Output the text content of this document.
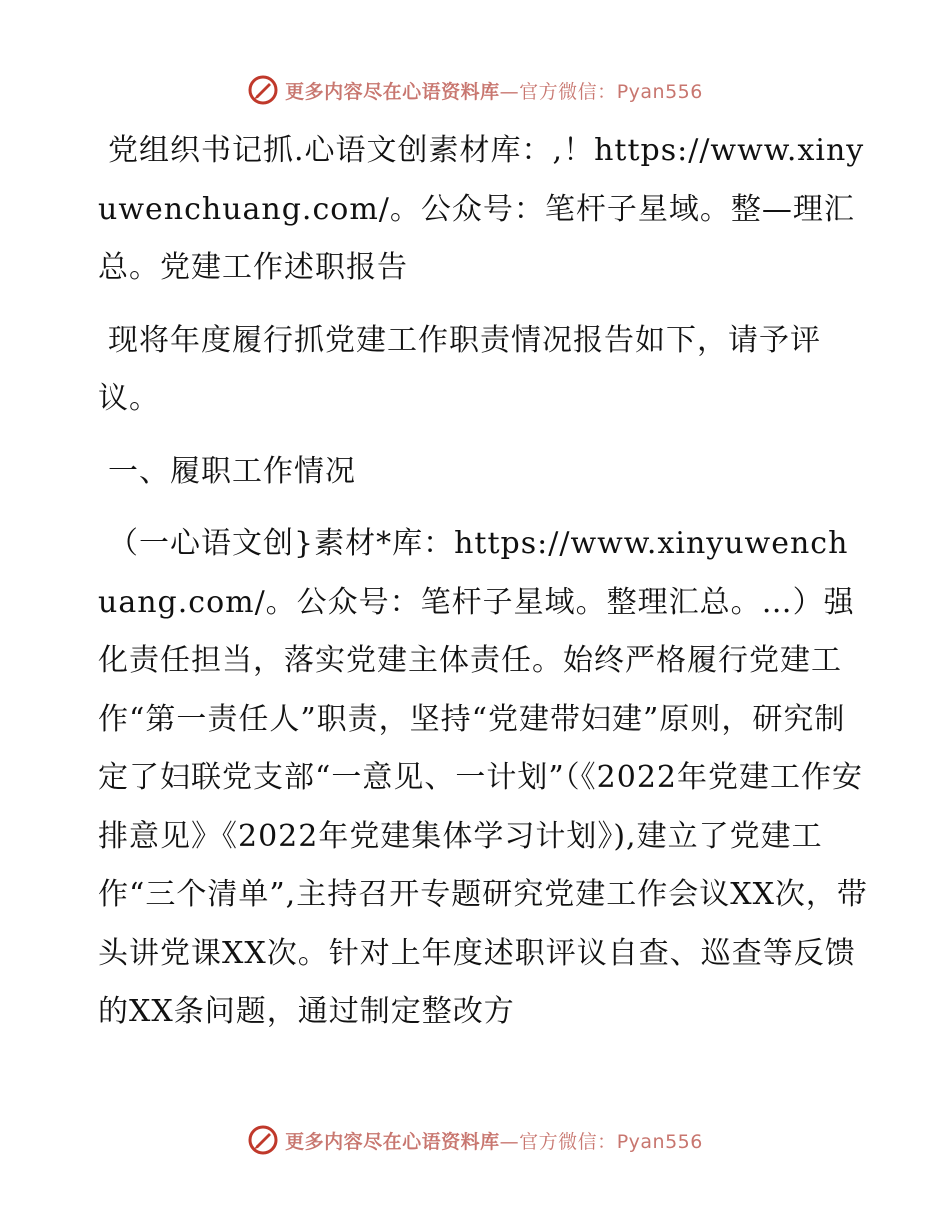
更多内容尽在心语资料库—官方微信：Pyan556

党组织书记抓.心语文创素材库：,！https://www.xinyuwenchuang.com/。公众号：笔杆子星域。整—理汇总。党建工作述职报告

现将年度履行抓党建工作职责情况报告如下，请予评议。

一、履职工作情况

（一心语文创}素材*库：https://www.xinyuwenchuang.com/。公众号：笔杆子星域。整理汇总。…）强化责任担当，落实党建主体责任。始终严格履行党建工作“第一责任人”职责，坚持“党建带妇建”原则，研究制定了妇联党支部“一意见、一计划”（《2022年党建工作安排意见》《2022年党建集体学习计划》),建立了党建工作“三个清单”,主持召开专题研究党建工作会议XX次，带头讲党课XX次。针对上年度述职评议自查、巡查等反馈的XX条问题，通过制定整改方

更多内容尽在心语资料库—官方微信：Pyan556
